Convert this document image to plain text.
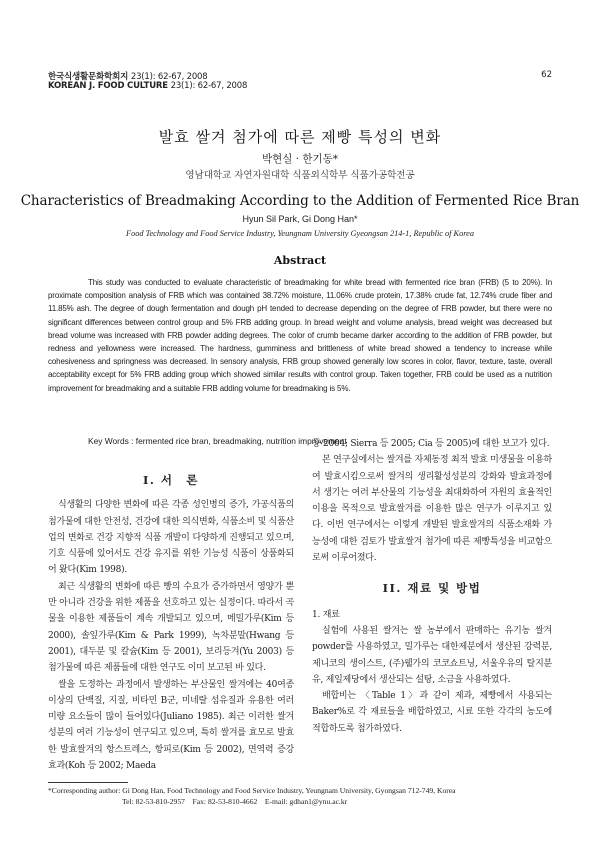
한국식생활문화학회지 23(1): 62-67, 2008
KOREAN J. FOOD CULTURE 23(1): 62-67, 2008
62
발효 쌀겨 첨가에 따른 제빵 특성의 변화
박현실 · 한기동*
영남대학교 자연자원대학 식품외식학부 식품가공학전공
Characteristics of Breadmaking According to the Addition of Fermented Rice Bran
Hyun Sil Park, Gi Dong Han*
Food Technology and Food Service Industry, Yeungnam University Gyeongsan 214-1, Republic of Korea
Abstract
This study was conducted to evaluate characteristic of breadmaking for white bread with fermented rice bran (FRB) (5 to 20%). In proximate composition analysis of FRB which was contained 38.72% moisture, 11.06% crude protein, 17.38% crude fat, 12.74% crude fiber and 11.85% ash. The degree of dough fermentation and dough pH tended to decrease depending on the degree of FRB powder, but there were no significant differences between control group and 5% FRB adding group. In bread weight and volume analysis, bread weight was decreased but bread volume was increased with FRB powder adding degrees. The color of crumb became darker according to the addition of FRB powder, but redness and yellowness were increased. The hardness, gumminess and brittleness of white bread showed a tendency to increase while cohesiveness and springness was decreased. In sensory analysis, FRB group showed generally low scores in color, flavor, texture, taste, overall acceptability except for 5% FRB adding group which showed similar results with control group. Taken together, FRB could be used as a nutrition improvement for breadmaking and a suitable FRB adding volume for breadmaking is 5%.
Key Words : fermented rice bran, breadmaking, nutrition improvement

I. 서　론

식생활의 다양한 변화에 따른 각종 성인병의 증가, 가공식품의 첨가물에 대한 안전성, 건강에 대한 의식변화, 식품소비 및 식품산업의 변화로 건강 지향적 식품 개발이 다양하게 진행되고 있으며, 기호 식품에 있어서도 건강 유지를 위한 기능성 식품이 상품화되어 왔다(Kim 1998).

최근 식생활의 변화에 따른 빵의 수요가 증가하면서 영양가 뿐 만 아니라 건강을 위한 제품을 선호하고 있는 실정이다. 따라서 곡물을 이용한 제품들이 계속 개발되고 있으며, 메밀가루(Kim 등 2000), 솔잎가루(Kim & Park 1999), 녹차분말(Hwang 등 2001), 대두분 및 칼슘(Kim 등 2001), 보리등겨(Yu 2003) 등 첨가물에 따른 제품들에 대한 연구도 이미 보고된 바 있다.

쌀을 도정하는 과정에서 발생하는 부산물인 쌀겨에는 40여종 이상의 단백질, 지질, 비타민 B군, 미네랄 섬유질과 유용한 여러 미량 요소들이 많이 들어있다(Juliano 1985). 최근 이러한 쌀겨성분의 여러 기능성이 연구되고 있으며, 특히 쌀겨를 효모로 발효한 발효쌀겨의 항스트레스, 항피로(Kim 등 2002), 면역력 증강효과(Koh 등 2002; Maeda

등 2004; Sierra 등 2005; Cia 등 2005)에 대한 보고가 있다.

본 연구실에서는 쌀겨를 자체동정 최적 발효 미생물을 이용하여 발효시킴으로써 쌀겨의 생리활성성분의 강화와 발효과정에서 생기는 여러 부산물의 기능성을 최대화하여 자원의 효율적인 이용을 목적으로 발효쌀겨를 이용한 많은 연구가 이루지고 있다. 이번 연구에서는 이렇게 개발된 발효쌀겨의 식품소재화 가능성에 대한 검토가 발효쌀겨 첨가에 따른 제빵특성을 비교함으로써 이루어졌다.

II. 재료 및 방법

1. 재료

실험에 사용된 쌀겨는 쌀 농부에서 판매하는 유기농 쌀겨 powder를 사용하였고, 밀가루는 대한제분에서 생산된 강력분, 제니코의 생이스트, (주)웰가의 코코쇼트닝, 서울우유의 탈지분유, 제일제당에서 생산되는 설탕, 소금을 사용하였다.

배합비는 〈Table 1〉과 같이 제과, 제빵에서 사용되는 Baker%로 각 재료들을 배합하였고, 시료 또한 각각의 농도에 적합하도록 첨가하였다.

*Corresponding author: Gi Dong Han, Food Technology and Food Service Industry, Yeungnam University, Gyongsan 712-749, Korea
Tel: 82-53-810-2957　Fax: 82-53-810-4662　E-mail: gdhan1@ynu.ac.kr
